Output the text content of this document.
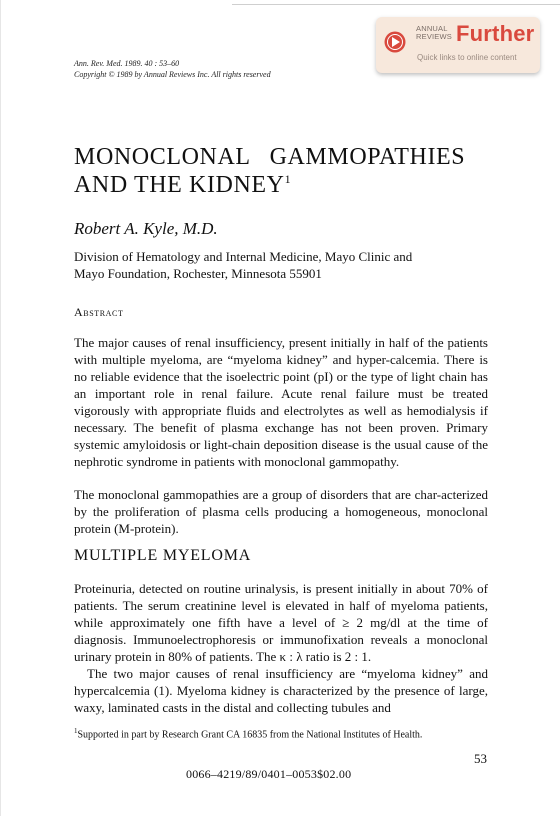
ANNUAL
REVIEWS Further
Quick links to online content
Ann. Rev. Med. 1989. 40 : 53–60
Copyright © 1989 by Annual Reviews Inc. All rights reserved
MONOCLONAL   GAMMOPATHIES
AND THE KIDNEY$^1$
Robert A. Kyle, M.D.
Division of Hematology and Internal Medicine, Mayo Clinic and
Mayo Foundation, Rochester, Minnesota 55901
Abstract
The major causes of renal insufficiency, present initially in half of the patients with multiple myeloma, are “myeloma kidney” and hyper-calcemia. There is no reliable evidence that the isoelectric point (pI) or the type of light chain has an important role in renal failure. Acute renal failure must be treated vigorously with appropriate fluids and electrolytes as well as hemodialysis if necessary. The benefit of plasma exchange has not been proven. Primary systemic amyloidosis or light-chain deposition disease is the usual cause of the nephrotic syndrome in patients with monoclonal gammopathy.
The monoclonal gammopathies are a group of disorders that are char-acterized by the proliferation of plasma cells producing a homogeneous, monoclonal protein (M-protein).
MULTIPLE MYELOMA
Proteinuria, detected on routine urinalysis, is present initially in about 70% of patients. The serum creatinine level is elevated in half of myeloma patients, while approximately one fifth have a level of ≥ 2 mg/dl at the time of diagnosis. Immunoelectrophoresis or immunofixation reveals a monoclonal urinary protein in 80% of patients. The κ : λ ratio is 2 : 1.
The two major causes of renal insufficiency are “myeloma kidney” and hypercalcemia (1). Myeloma kidney is characterized by the presence of large, waxy, laminated casts in the distal and collecting tubules and
$^1$Supported in part by Research Grant CA 16835 from the National Institutes of Health.
53
0066–4219/89/0401–0053$02.00
